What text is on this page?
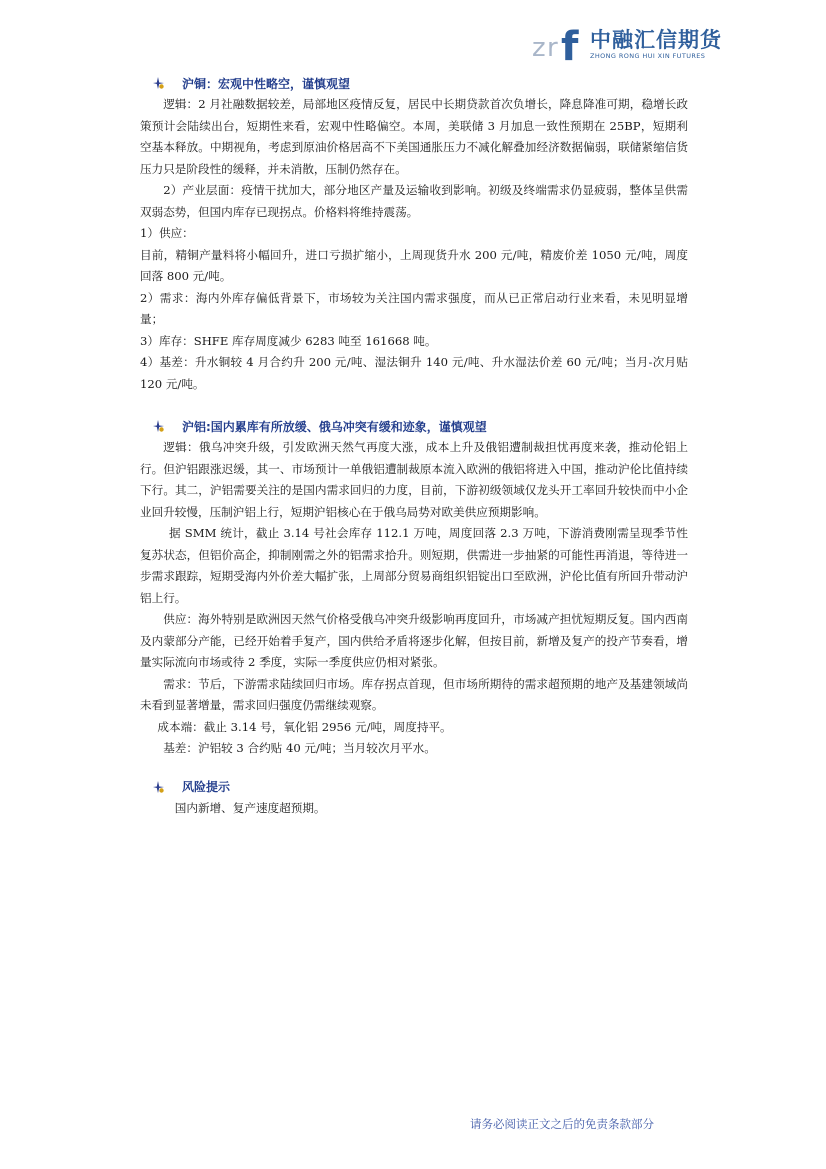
z r f 中融汇信期货
ZHONG RONG HUI XIN FUTURES
沪铜：宏观中性略空，谨慎观望

逻辑：2 月社融数据较差，局部地区疫情反复，居民中长期贷款首次负增长，降息降准可期，稳增长政策预计会陆续出台，短期性来看，宏观中性略偏空。本周，美联储 3 月加息一致性预期在 25BP，短期利空基本释放。中期视角，考虑到原油价格居高不下美国通胀压力不减化解叠加经济数据偏弱，联储紧缩信货压力只是阶段性的缓释，并未消散，压制仍然存在。

2）产业层面：疫情干扰加大，部分地区产量及运输收到影响。初级及终端需求仍显疲弱，整体呈供需双弱态势，但国内库存已现拐点。价格料将维持震荡。

1）供应：

目前，精铜产量料将小幅回升，进口亏损扩缩小，上周现货升水 200 元/吨，精废价差 1050 元/吨，周度回落 800 元/吨。

2）需求：海内外库存偏低背景下，市场较为关注国内需求强度，而从已正常启动行业来看，未见明显增量；

3）库存：SHFE 库存周度减少 6283 吨至 161668 吨。

4）基差：升水铜较 4 月合约升 200 元/吨、湿法铜升 140 元/吨、升水湿法价差 60 元/吨；当月-次月贴 120 元/吨。

沪铝:国内累库有所放缓、俄乌冲突有缓和迹象，谨慎观望

逻辑：俄乌冲突升级，引发欧洲天然气再度大涨，成本上升及俄铝遭制裁担忧再度来袭，推动伦铝上行。但沪铝跟涨迟缓，其一、市场预计一单俄铝遭制裁原本流入欧洲的俄铝将进入中国，推动沪伦比值持续下行。其二，沪铝需要关注的是国内需求回归的力度，目前，下游初级领域仅龙头开工率回升较快而中小企业回升较慢，压制沪铝上行，短期沪铝核心在于俄乌局势对欧美供应预期影响。

据 SMM 统计，截止 3.14 号社会库存 112.1 万吨，周度回落 2.3 万吨，下游消费刚需呈现季节性复苏状态，但铝价高企，抑制刚需之外的铝需求拾升。则短期，供需进一步抽紧的可能性再消退，等待进一步需求跟踪，短期受海内外价差大幅扩张，上周部分贸易商组织铝锭出口至欧洲，沪伦比值有所回升带动沪铝上行。

供应：海外特别是欧洲因天然气价格受俄乌冲突升级影响再度回升，市场减产担忧短期反复。国内西南及内蒙部分产能，已经开始着手复产，国内供给矛盾将逐步化解，但按目前，新增及复产的投产节奏看，增量实际流向市场或待 2 季度，实际一季度供应仍相对紧张。

需求：节后，下游需求陆续回归市场。库存拐点首现，但市场所期待的需求超预期的地产及基建领域尚未看到显著增量，需求回归强度仍需继续观察。

成本端：截止 3.14 号，氧化铝 2956 元/吨，周度持平。

基差：沪铝较 3 合约贴 40 元/吨；当月较次月平水。

风险提示

国内新增、复产速度超预期。

请务必阅读正文之后的免责条款部分
